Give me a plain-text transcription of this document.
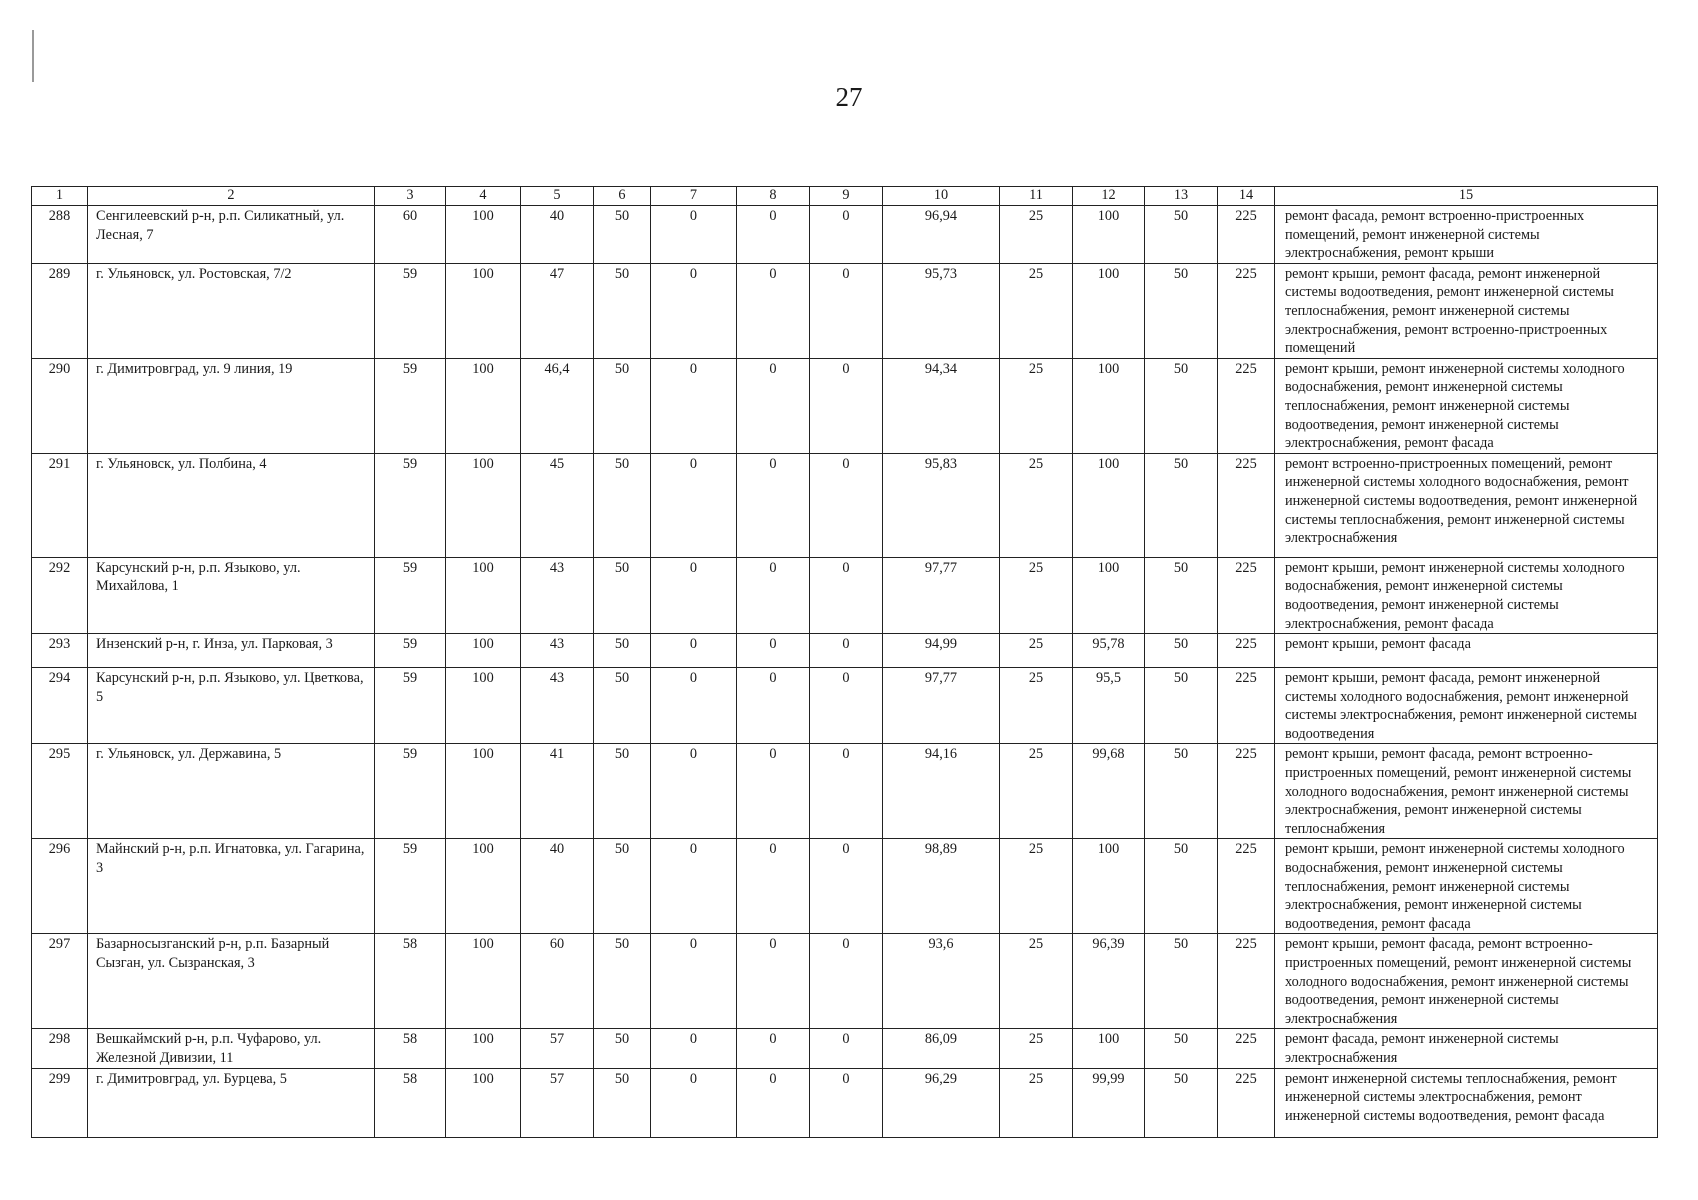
27
1	2	3	4	5	6	7	8	9	10	11	12	13	14	15
288	Сенгилеевский р-н, р.п. Силикатный, ул. Лесная, 7	60	100	40	50	0	0	0	96,94	25	100	50	225	ремонт фасада, ремонт встроенно-пристроенных помещений, ремонт инженерной системы электроснабжения, ремонт крыши
289	г. Ульяновск, ул. Ростовская, 7/2	59	100	47	50	0	0	0	95,73	25	100	50	225	ремонт крыши, ремонт фасада, ремонт инженерной системы водоотведения, ремонт инженерной системы теплоснабжения, ремонт инженерной системы электроснабжения, ремонт встроенно-пристроенных помещений
290	г. Димитровград, ул. 9 линия, 19	59	100	46,4	50	0	0	0	94,34	25	100	50	225	ремонт крыши, ремонт инженерной системы холодного водоснабжения, ремонт инженерной системы теплоснабжения, ремонт инженерной системы водоотведения, ремонт инженерной системы электроснабжения, ремонт фасада
291	г. Ульяновск, ул. Полбина, 4	59	100	45	50	0	0	0	95,83	25	100	50	225	ремонт встроенно-пристроенных помещений, ремонт инженерной системы холодного водоснабжения, ремонт инженерной системы водоотведения, ремонт инженерной системы теплоснабжения, ремонт инженерной системы электроснабжения
292	Карсунский р-н, р.п. Языково, ул. Михайлова, 1	59	100	43	50	0	0	0	97,77	25	100	50	225	ремонт крыши, ремонт инженерной системы холодного водоснабжения, ремонт инженерной системы водоотведения, ремонт инженерной системы электроснабжения, ремонт фасада
293	Инзенский р-н, г. Инза, ул. Парковая, 3	59	100	43	50	0	0	0	94,99	25	95,78	50	225	ремонт крыши, ремонт фасада
294	Карсунский р-н, р.п. Языково, ул. Цветкова, 5	59	100	43	50	0	0	0	97,77	25	95,5	50	225	ремонт крыши, ремонт фасада, ремонт инженерной системы холодного водоснабжения, ремонт инженерной системы электроснабжения, ремонт инженерной системы водоотведения
295	г. Ульяновск, ул. Державина, 5	59	100	41	50	0	0	0	94,16	25	99,68	50	225	ремонт крыши, ремонт фасада, ремонт встроенно-пристроенных помещений, ремонт инженерной системы холодного водоснабжения, ремонт инженерной системы электроснабжения, ремонт инженерной системы теплоснабжения
296	Майнский р-н, р.п. Игнатовка, ул. Гагарина, 3	59	100	40	50	0	0	0	98,89	25	100	50	225	ремонт крыши, ремонт инженерной системы холодного водоснабжения, ремонт инженерной системы теплоснабжения, ремонт инженерной системы электроснабжения, ремонт инженерной системы водоотведения, ремонт фасада
297	Базарносызганский р-н, р.п. Базарный Сызган, ул. Сызранская, 3	58	100	60	50	0	0	0	93,6	25	96,39	50	225	ремонт крыши, ремонт фасада, ремонт встроенно-пристроенных помещений, ремонт инженерной системы холодного водоснабжения, ремонт инженерной системы водоотведения, ремонт инженерной системы электроснабжения
298	Вешкаймский р-н, р.п. Чуфарово, ул. Железной Дивизии, 11	58	100	57	50	0	0	0	86,09	25	100	50	225	ремонт фасада, ремонт инженерной системы электроснабжения
299	г. Димитровград, ул. Бурцева, 5	58	100	57	50	0	0	0	96,29	25	99,99	50	225	ремонт инженерной системы теплоснабжения, ремонт инженерной системы электроснабжения, ремонт инженерной системы водоотведения, ремонт фасада
